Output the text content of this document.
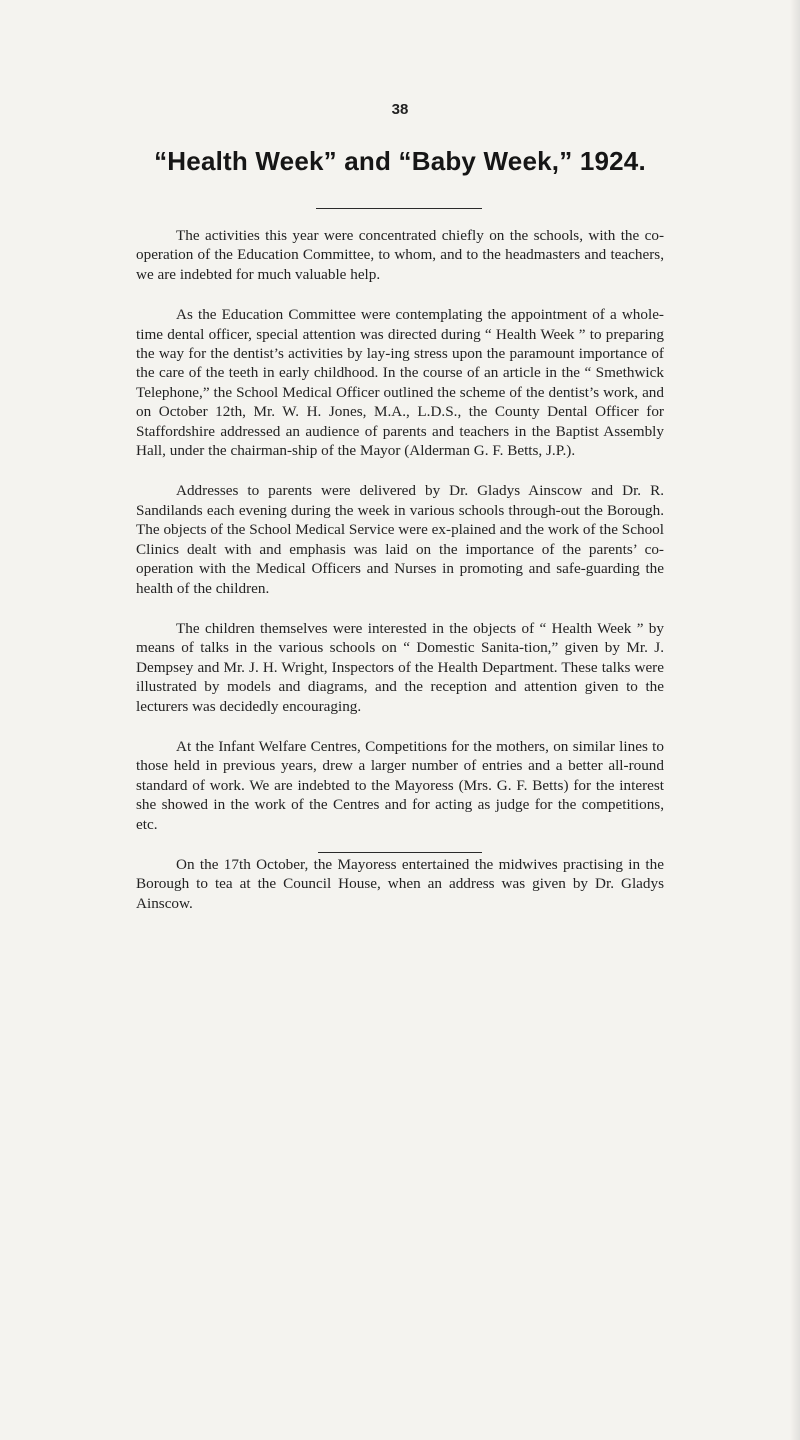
38
“Health Week” and “Baby Week,” 1924.

The activities this year were concentrated chiefly on the schools, with the co-operation of the Education Committee, to whom, and to the headmasters and teachers, we are indebted for much valuable help.

As the Education Committee were contemplating the appointment of a whole-time dental officer, special attention was directed during “ Health Week ” to preparing the way for the dentist’s activities by lay-ing stress upon the paramount importance of the care of the teeth in early childhood. In the course of an article in the “ Smethwick Telephone,” the School Medical Officer outlined the scheme of the dentist’s work, and on October 12th, Mr. W. H. Jones, M.A., L.D.S., the County Dental Officer for Staffordshire addressed an audience of parents and teachers in the Baptist Assembly Hall, under the chairman-ship of the Mayor (Alderman G. F. Betts, J.P.).

Addresses to parents were delivered by Dr. Gladys Ainscow and Dr. R. Sandilands each evening during the week in various schools through-out the Borough. The objects of the School Medical Service were ex-plained and the work of the School Clinics dealt with and emphasis was laid on the importance of the parents’ co-operation with the Medical Officers and Nurses in promoting and safe-guarding the health of the children.

The children themselves were interested in the objects of “ Health Week ” by means of talks in the various schools on “ Domestic Sanita-tion,” given by Mr. J. Dempsey and Mr. J. H. Wright, Inspectors of the Health Department. These talks were illustrated by models and diagrams, and the reception and attention given to the lecturers was decidedly encouraging.

At the Infant Welfare Centres, Competitions for the mothers, on similar lines to those held in previous years, drew a larger number of entries and a better all-round standard of work. We are indebted to the Mayoress (Mrs. G. F. Betts) for the interest she showed in the work of the Centres and for acting as judge for the competitions, etc.

On the 17th October, the Mayoress entertained the midwives practising in the Borough to tea at the Council House, when an address was given by Dr. Gladys Ainscow.
